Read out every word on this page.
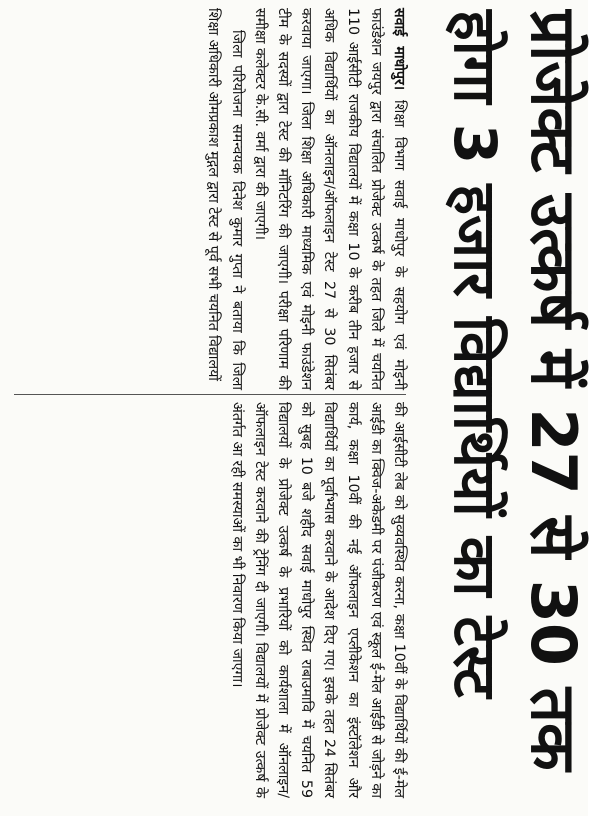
प्रोजेक्ट उत्कर्ष में 27 से 30 तक
होगा 3 हजार विद्यार्थियों का टेस्ट

सवाई माधोपुर। शिक्षा विभाग सवाई माधोपुर के सहयोग एवं मोइनी फाउंडेशन जयपुर द्वारा संचालित प्रोजेक्ट उत्कर्ष के तहत जिले में चयनित 110 आईसीटी राजकीय विद्यालयों में कक्षा 10 के करीब तीन हजार से अधिक विद्यार्थियों का ऑनलाइन/ऑफलाइन टेस्ट 27 से 30 सितंबर करवाया जाएगा। जिला शिक्षा अधिकारी माध्यमिक एवं मोइनी फाउंडेशन टीम के सदस्यों द्वारा टेस्ट की मॉनिटरिंग की जाएगी। परीक्षा परिणाम की समीक्षा कलेक्टर के.सी. वर्मा द्वारा की जाएगी।

जिला परियोजना समन्वयक दिनेश कुमार गुप्ता ने बताया कि जिला शिक्षा अधिकारी ओमप्रकाश मुद्गल द्वारा टेस्ट से पूर्व सभी चयनित विद्यालयों

की आईसीटी लेब को सुव्यवस्थित करना, कक्षा 10वीं के विद्यार्थियों की ई-मेल आईडी का क्विज-अकेडमी पर पंजीकरण एवं स्कूल ई-मेल आईडी से जोड़ने का कार्य, कक्षा 10वीं की नई ऑफलाइन एप्लीकेशन का इंस्टॉलेशन और विद्यार्थियों का पूर्वाभ्यास करवाने के आदेश दिए गए। इसके तहत 24 सितंबर को सुबह 10 बजे शहीद सवाई माधोपुर स्थित राबाउमावि में चयनित 59 विद्यालयों के प्रोजेक्ट उत्कर्ष के प्रभारियों को कार्यशाला में ऑनलाइन/ऑफलाइन टेस्ट करवाने की ट्रेनिंग दी जाएगी। विद्यालयों में प्रोजेक्ट उत्कर्ष के अंतर्गत आ रही समस्याओं का भी निवारण किया जाएगा।
